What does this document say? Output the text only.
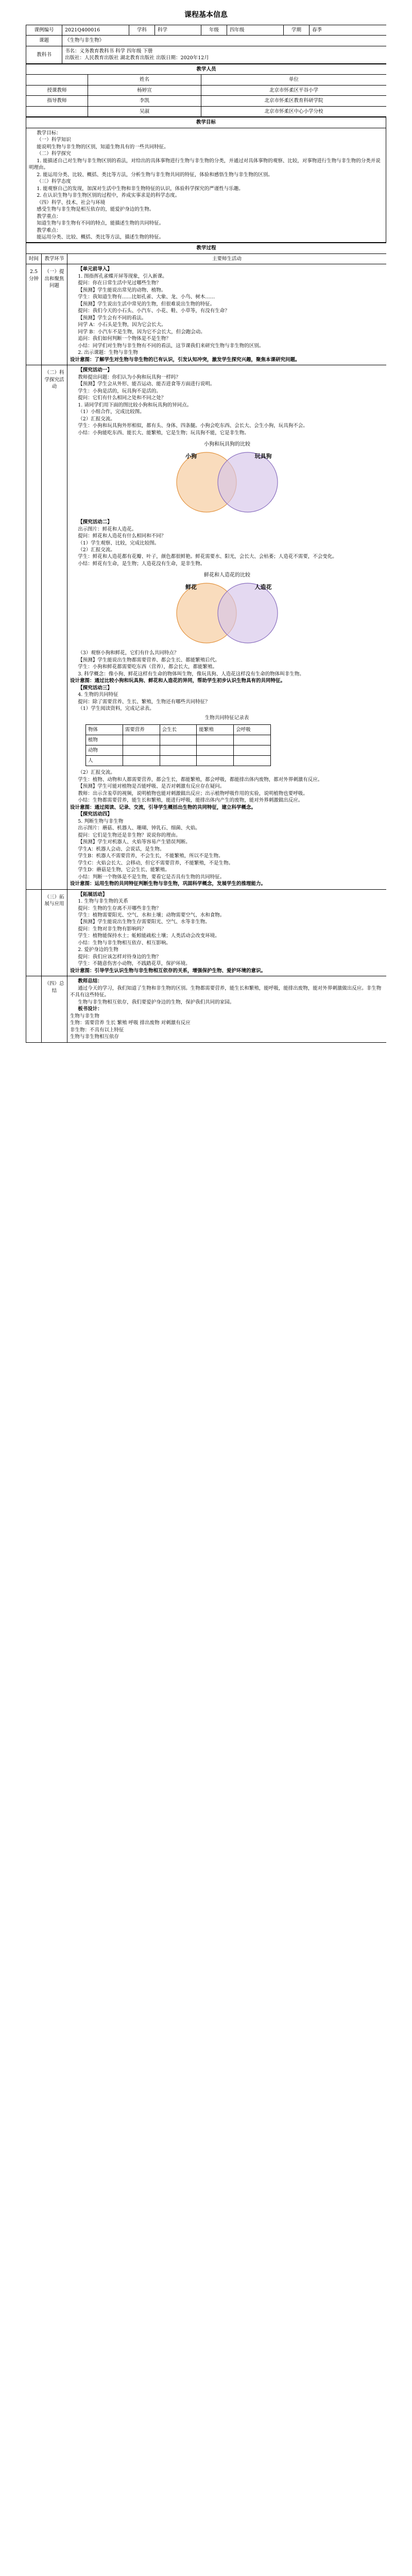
课程基本信息
课例编号	2021Q400016	学科	科学	年级	四年级	学期	春季
课题	《生物与非生物》						
教科书	书名：义务教育教科书 科学 四年级 下册
出版社：人民教育出版社 湖北教育出版社 出版日期：2020年12月						
教学人员		
	姓名	单位
授课教师	杨婷宣	北京市怀柔区平谷小学
指导教师	李凯	北京市怀柔区教育科研学院
	吴淑	北京市怀柔区中心小学分校
教学目标

教学目标：

（一）科学知识

能说明生物与非生物的区别，知道生物具有的一些共同特征。

（二）科学探究

1. 能描述自己对生物与非生物区别的看法，对给出的具体事物进行生物与非生物的分类，并通过对具体事物的观察、比较，对事物进行生物与非生物的分类并说明理由。

2. 能运用分类、比较、概括、类比等方法，分析生物与非生物共同的特征，体验和感悟生物与非生物的区别。

（三）科学态度

1. 能观察自己的发现，加深对生活中生物和非生物特征的认识，体验科学探究的严谨性与乐趣。

2. 在认识生物与非生物区别的过程中，养成实事求是的科学态度。

（四）科学、技术、社会与环境

感受生物与非生物是相互依存的，能爱护身边的生物。

教学重点：

知道生物与非生物有不同的特点，能描述生物的共同特征。

教学难点：

能运用分类、比较、概括、类比等方法，描述生物的特征。

教学过程
时间	教学环节	主要师生活动
2.5 分钟	（一）提出和聚焦问题	

【单元前导入】

1. 图指挥孔雀蝶开屏等现象，引入新课。

提问：你在日常生活中见过哪些生物？

【预测】学生能说出常见的动物、植物。

学生：我知道生物有……比如孔雀、大象、龙、小鸟、树木……

【预测】学生说出生活中常见的生物，但很难说出生物的特征。

提问：我们今天的小石头、小汽车、小花、鞋、小草等，有没有生命？

【预测】学生会有不同的看法。

同学 A：小石头是生物，因为它会长大。

同学 B：小汽车不是生物，因为它不会长大，但会跑会动。

追问：我们如何判断一个物体是不是生物？

小结：同学们对生物与非生物有不同的看法，这节课我们来研究生物与非生物的区别。

2. 出示课题：生物与非生物

设计意图：了解学生对生物与非生物的已有认识，引发认知冲突，激发学生探究兴趣，聚焦本课研究问题。

	（二）科学探究活动	

【探究活动一】

教师提出问题：你们认为小狗和玩具狗一样吗？

【预测】学生会从外形、能否运动、能否进食等方面进行说明。

学生：小狗是活的，玩具狗不是活的。

提问：它们有什么相同之处和不同之处？

1. 请同学们用下面的图比较小狗和玩具狗的异同点。

（1）小组合作，完成比较图。

（2）汇报交流。

学生：小狗和玩具狗外形相似，都有头、身体、四条腿。小狗会吃东西、会长大、会生小狗，玩具狗不会。

小结：小狗能吃东西、能长大、能繁殖，它是生物；玩具狗不能，它是非生物。

小狗和玩具狗的比较
小狗	玩具狗

【探究活动二】

出示图片：鲜花和人造花。

提问：鲜花和人造花有什么相同和不同？

（1）学生观察、比较，完成比较图。

（2）汇报交流。

学生：鲜花和人造花都有花瓣、叶子，颜色都很鲜艳。鲜花需要水、阳光，会长大、会枯萎；人造花不需要，不会变化。

小结：鲜花有生命，是生物；人造花没有生命，是非生物。

鲜花和人造花的比较
鲜花	人造花

（3）观察小狗和鲜花，它们有什么共同特点？

【预测】学生能说出生物都需要营养、都会生长、都能繁殖后代。

学生：小狗和鲜花都需要吃东西（营养），都会长大，都能繁殖。

3. 科学概念：像小狗、鲜花这样有生命的物体叫生物，像玩具狗、人造花这样没有生命的物体叫非生物。

设计意图：通过比较小狗和玩具狗、鲜花和人造花的异同，帮助学生初步认识生物具有的共同特征。

【探究活动三】

4. 生物的共同特征

提问：除了需要营养、生长、繁殖，生物还有哪些共同特征？

（1）学生阅读资料，完成记录表。

生物共同特征记录表
物体	需要营养	会生长	能繁殖	会呼吸
植物				
动物				
人				

（2）汇报交流。

学生：植物、动物和人都需要营养，都会生长，都能繁殖，都会呼吸，都能排出体内废物，都对外界刺激有反应。

【预测】学生可能对植物是否能呼吸、是否对刺激有反应存在疑问。

教师：出示含羞草的视频，说明植物也能对刺激做出反应；出示植物呼吸作用的实验，说明植物也要呼吸。

小结：生物都需要营养，能生长和繁殖，能进行呼吸，能排出体内产生的废物，能对外界刺激做出反应。

设计意图：通过阅读、记录、交流，引导学生概括出生物的共同特征，建立科学概念。

【探究活动四】

5. 判断生物与非生物

出示图片：蘑菇、机器人、珊瑚、钟乳石、细菌、火焰。

提问：它们是生物还是非生物？说说你的理由。

【预测】学生对机器人、火焰等容易产生错误判断。

学生A：机器人会动、会说话，是生物。

学生B：机器人不需要营养，不会生长，不能繁殖，所以不是生物。

学生C：火焰会长大、会移动，但它不需要营养，不能繁殖，不是生物。

学生D：蘑菇是生物，它会生长、能繁殖。

小结：判断一个物体是不是生物，要看它是否具有生物的共同特征。

设计意图：运用生物的共同特征判断生物与非生物，巩固科学概念，发展学生的推理能力。

	（三）拓展与应用	

【拓展活动】

1. 生物与非生物的关系

提问：生物的生存离不开哪些非生物？

学生：植物需要阳光、空气、水和土壤；动物需要空气、水和食物。

【预测】学生能说出生物生存需要阳光、空气、水等非生物。

提问：生物对非生物有影响吗？

学生：植物能保持水土；蚯蚓能疏松土壤；人类活动会改变环境。

小结：生物与非生物相互依存、相互影响。

2. 爱护身边的生物

提问：我们应该怎样对待身边的生物？

学生：不随意伤害小动物，不践踏花草，保护环境。

设计意图：引导学生认识生物与非生物相互依存的关系，增强保护生物、爱护环境的意识。

	（四）总结	

教师总结：

通过今天的学习，我们知道了生物和非生物的区别。生物都需要营养，能生长和繁殖，能呼吸，能排出废物，能对外界刺激做出反应。非生物不具有这些特征。

生物与非生物相互依存，我们要爱护身边的生物，保护我们共同的家园。

板书设计：

生物与非生物

生物：需要营养 生长 繁殖 呼吸 排出废物 对刺激有反应

非生物：不具有以上特征

生物与非生物相互依存
